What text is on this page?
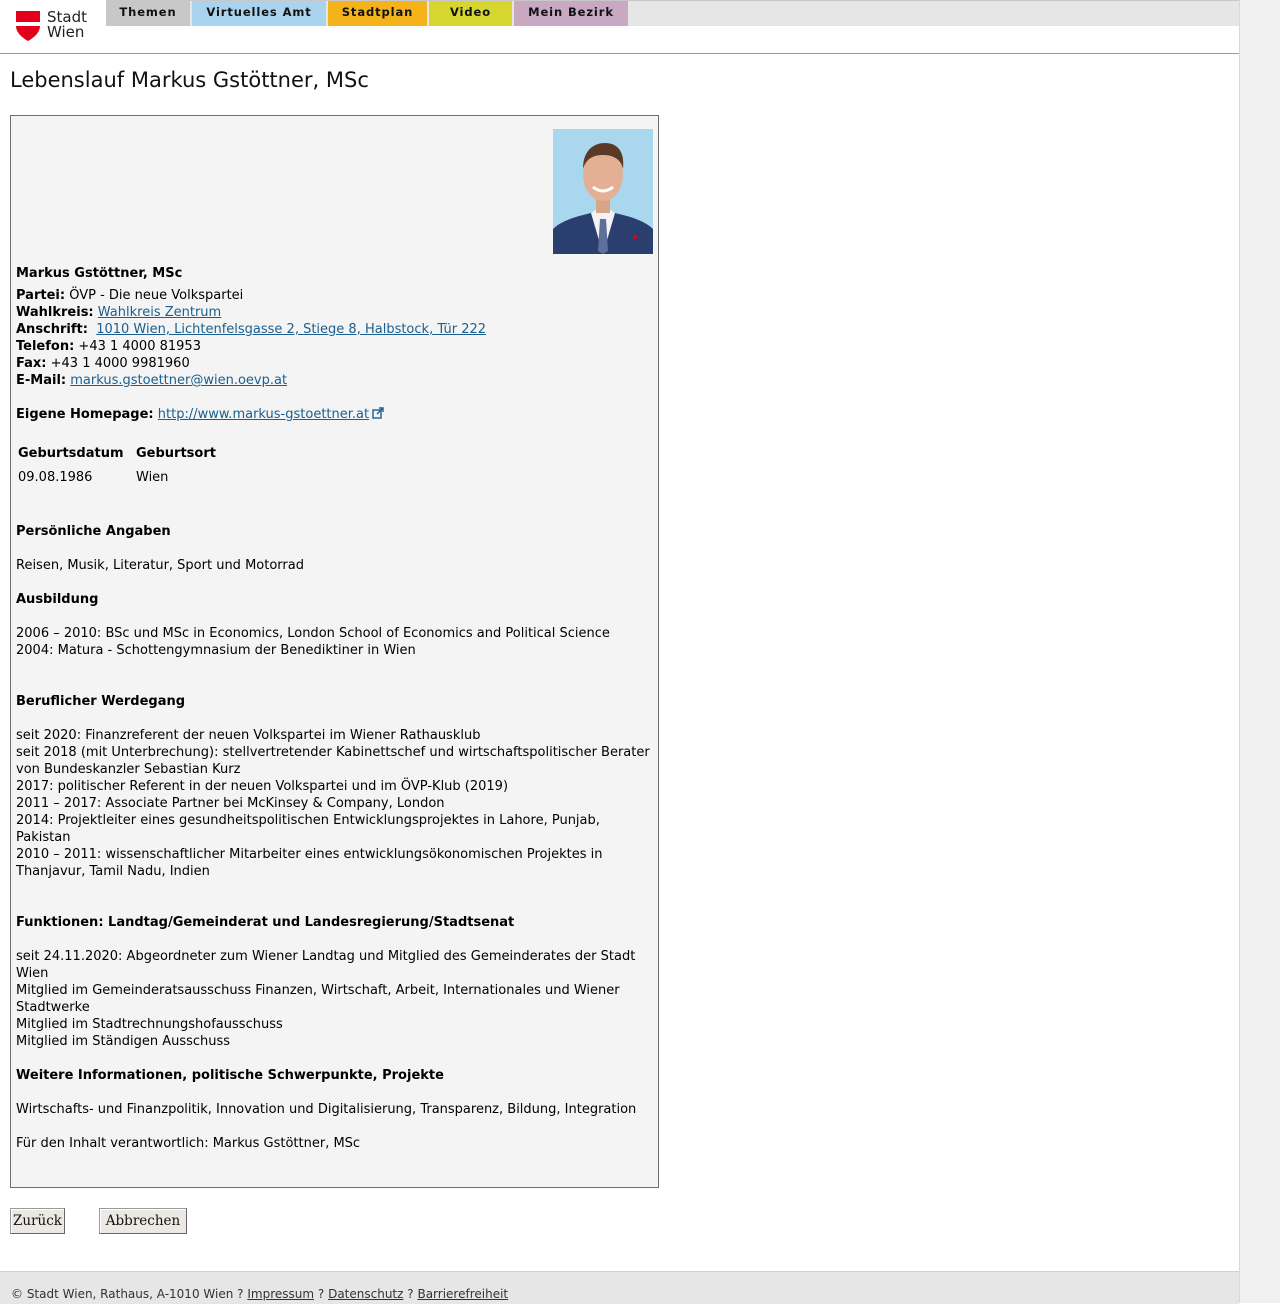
Stadt
Wien
Themen	Virtuelles Amt	Stadtplan	Video	Mein Bezirk
Lebenslauf Markus Gstöttner, MSc
Markus Gstöttner, MSc
Partei: ÖVP - Die neue Volkspartei
Wahlkreis: Wahlkreis Zentrum
Anschrift: 1010 Wien, Lichtenfelsgasse 2, Stiege 8, Halbstock, Tür 222
Telefon: +43 1 4000 81953
Fax: +43 1 4000 9981960
E-Mail: markus.gstoettner@wien.oevp.at
Eigene Homepage: http://www.markus-gstoettner.at
Geburtsdatum Geburtsort
09.08.1986	Wien
Persönliche Angaben
Reisen, Musik, Literatur, Sport und Motorrad
Ausbildung
2006 – 2010: BSc und MSc in Economics, London School of Economics and Political Science
2004: Matura - Schottengymnasium der Benediktiner in Wien
Beruflicher Werdegang
seit 2020: Finanzreferent der neuen Volkspartei im Wiener Rathausklub
seit 2018 (mit Unterbrechung): stellvertretender Kabinettschef und wirtschaftspolitischer Berater von Bundeskanzler Sebastian Kurz
2017: politischer Referent in der neuen Volkspartei und im ÖVP-Klub (2019)
2011 – 2017: Associate Partner bei McKinsey & Company, London
2014: Projektleiter eines gesundheitspolitischen Entwicklungsprojektes in Lahore, Punjab, Pakistan
2010 – 2011: wissenschaftlicher Mitarbeiter eines entwicklungsökonomischen Projektes in Thanjavur, Tamil Nadu, Indien
Funktionen: Landtag/Gemeinderat und Landesregierung/Stadtsenat
seit 24.11.2020: Abgeordneter zum Wiener Landtag und Mitglied des Gemeinderates der Stadt Wien
Mitglied im Gemeinderatsausschuss Finanzen, Wirtschaft, Arbeit, Internationales und Wiener Stadtwerke
Mitglied im Stadtrechnungshofausschuss
Mitglied im Ständigen Ausschuss
Weitere Informationen, politische Schwerpunkte, Projekte
Wirtschafts- und Finanzpolitik, Innovation und Digitalisierung, Transparenz, Bildung, Integration
Für den Inhalt verantwortlich: Markus Gstöttner, MSc
Zurück	Abbrechen
© Stadt Wien, Rathaus, A-1010 Wien ? Impressum ? Datenschutz ? Barrierefreiheit
